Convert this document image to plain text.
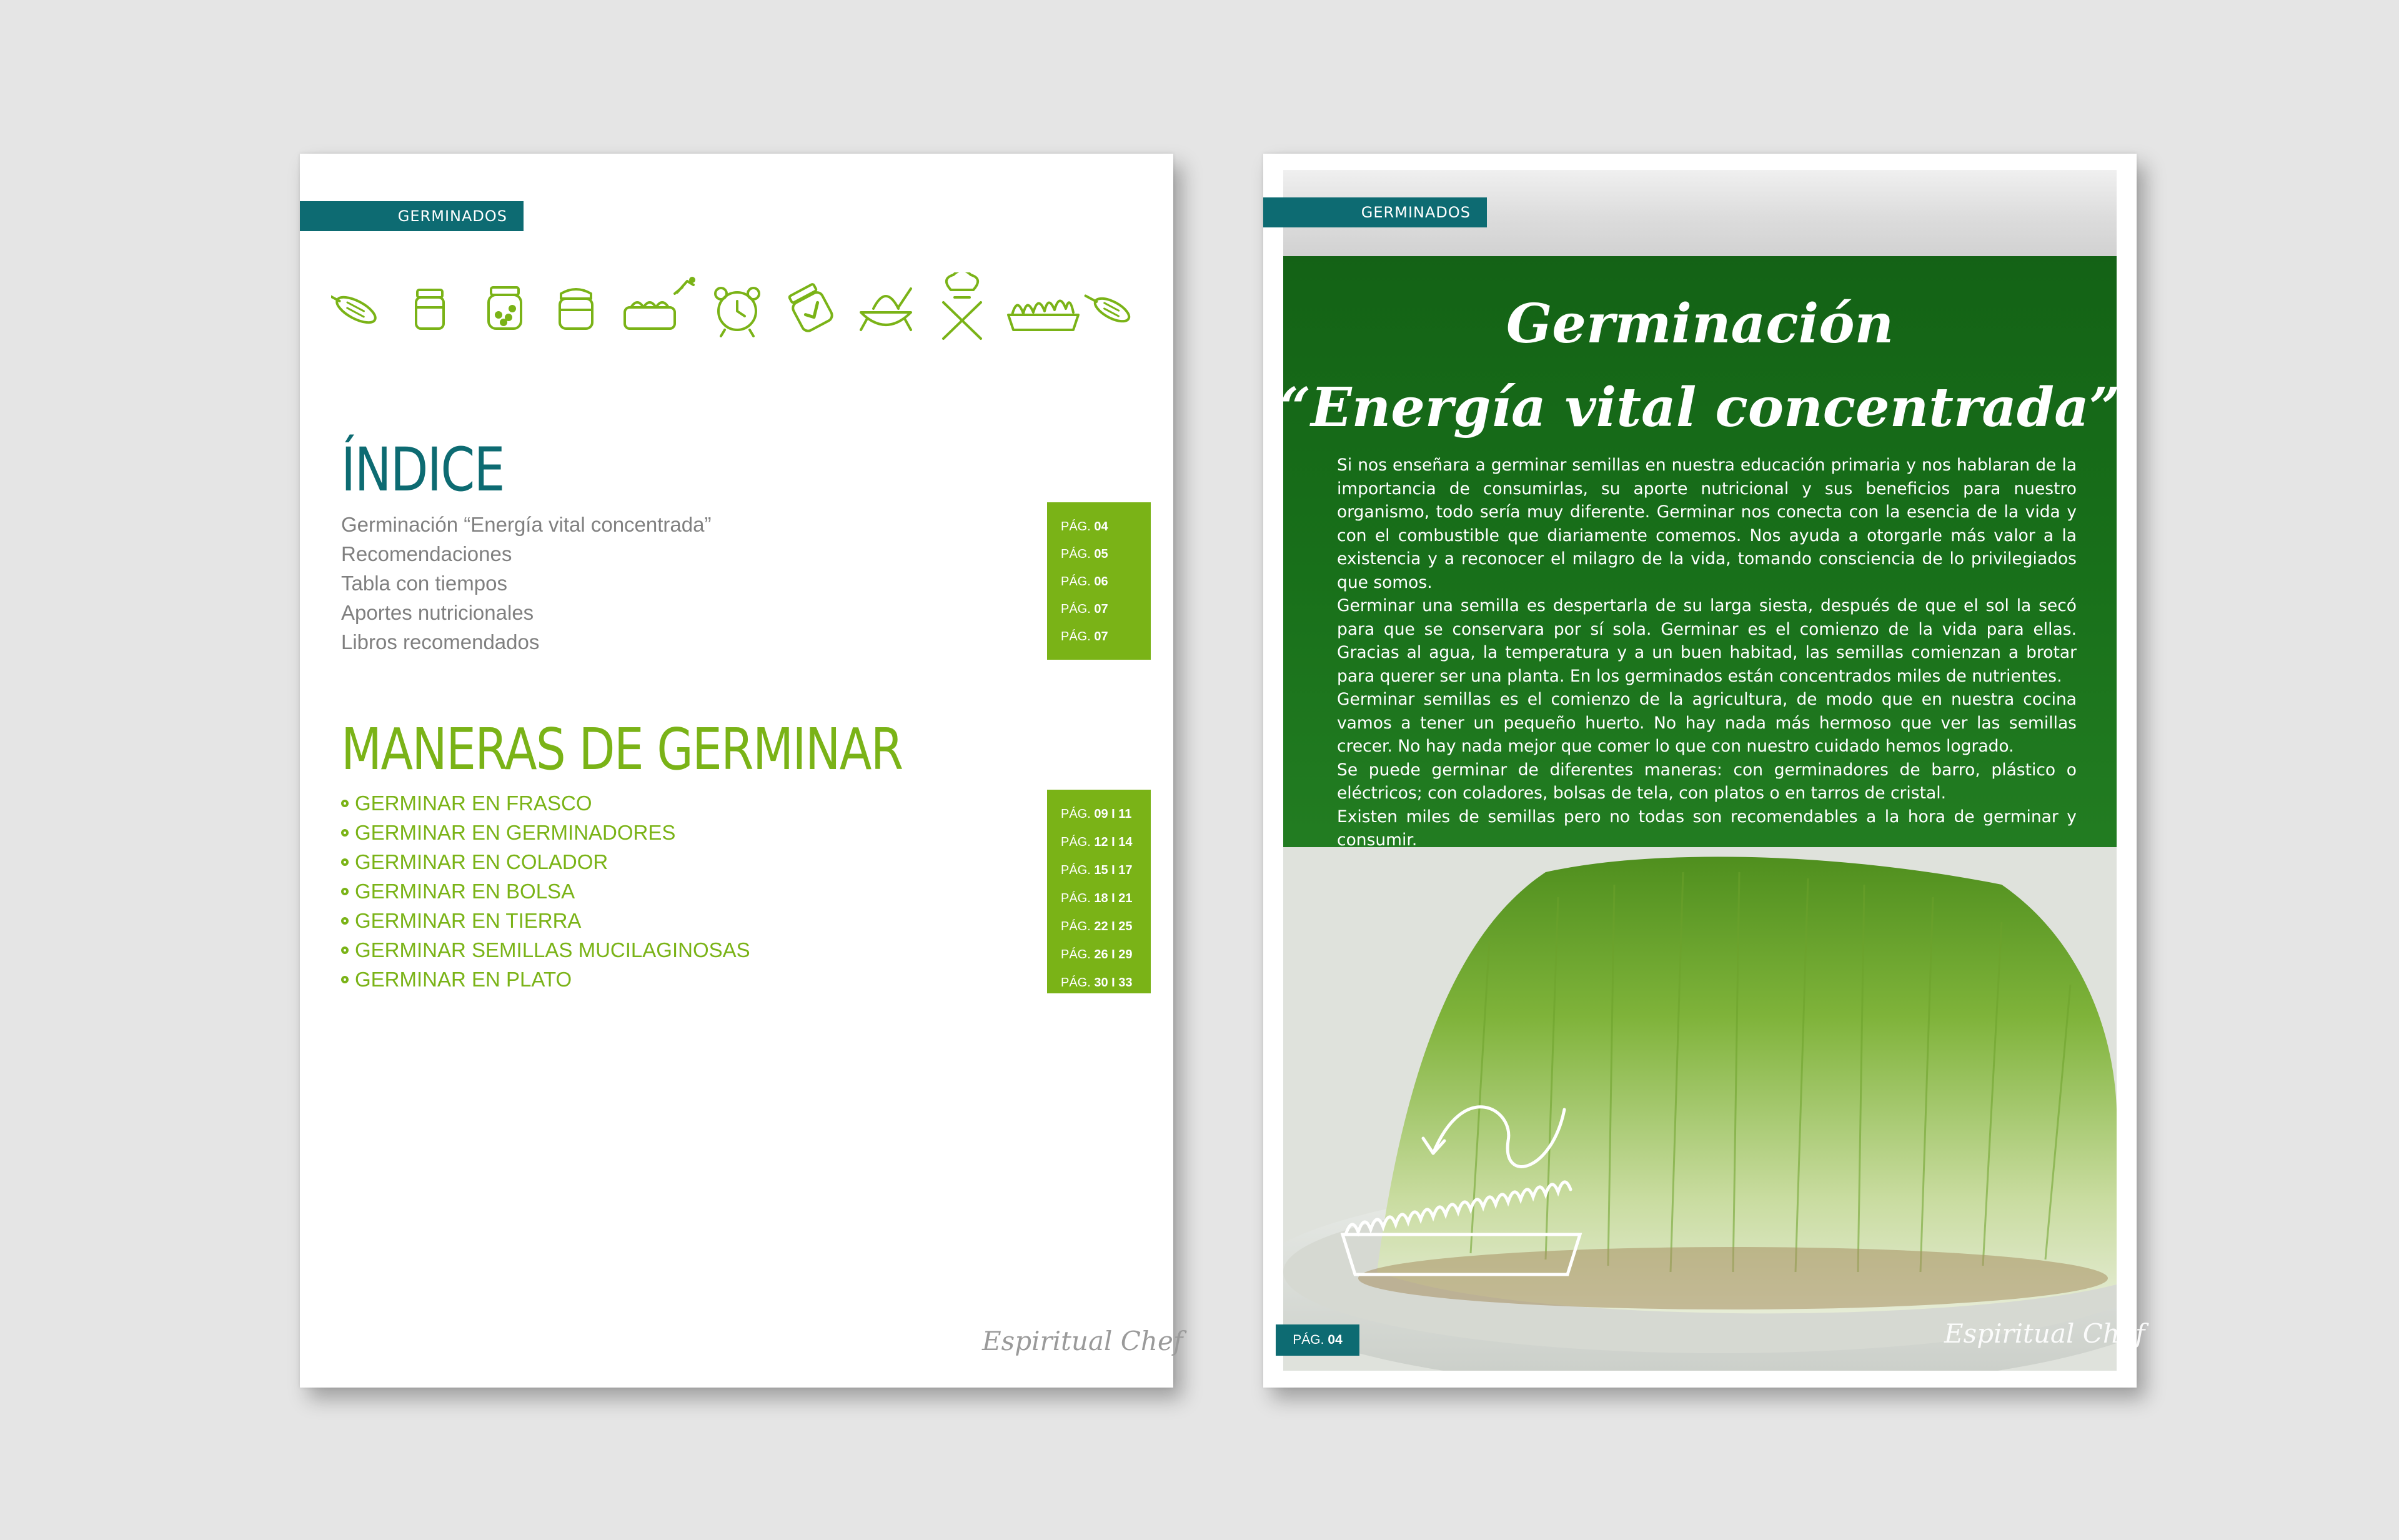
GERMINADOS
ÍNDICE
Germinación “Energía vital concentrada”
Recomendaciones
Tabla con tiempos
Aportes nutricionales
Libros recomendados
PÁG. 04
PÁG. 05
PÁG. 06
PÁG. 07
PÁG. 07
MANERAS DE GERMINAR
GERMINAR EN FRASCO
GERMINAR EN GERMINADORES
GERMINAR EN COLADOR
GERMINAR EN BOLSA
GERMINAR EN TIERRA
GERMINAR SEMILLAS MUCILAGINOSAS
GERMINAR EN PLATO
PÁG. 09 I 11
PÁG. 12 I 14
PÁG. 15 I 17
PÁG. 18 I 21
PÁG. 22 I 25
PÁG. 26 I 29
PÁG. 30 I 33
Espiritual Chef
GERMINADOS
Germinación
“Energía vital concentrada”

Si nos enseñara a germinar semillas en nuestra educación primaria y nos hablaran de la importancia de consumirlas, su aporte nutricional y sus beneficios para nuestro organismo, todo sería muy diferente. Germinar nos conecta con la esencia de la vida y con el combustible que diariamente comemos. Nos ayuda a otorgarle más valor a la existencia y a reconocer el milagro de la vida, tomando consciencia de lo privilegiados que somos.

Germinar una semilla es despertarla de su larga siesta, después de que el sol la secó para que se conservara por sí sola. Germinar es el comienzo de la vida para ellas. Gracias al agua, la temperatura y a un buen habitad, las semillas comienzan a brotar para querer ser una planta. En los germinados están concentrados miles de nutrientes.

Germinar semillas es el comienzo de la agricultura, de modo que en nuestra cocina vamos a tener un pequeño huerto. No hay nada más hermoso que ver las semillas crecer. No hay nada mejor que comer lo que con nuestro cuidado hemos logrado.

Se puede germinar de diferentes maneras: con germinadores de barro, plástico o eléctricos; con coladores, bolsas de tela, con platos o en tarros de cristal.

Existen miles de semillas pero no todas son recomendables a la hora de germinar y consumir.

PÁG. 04	Espiritual Chef
